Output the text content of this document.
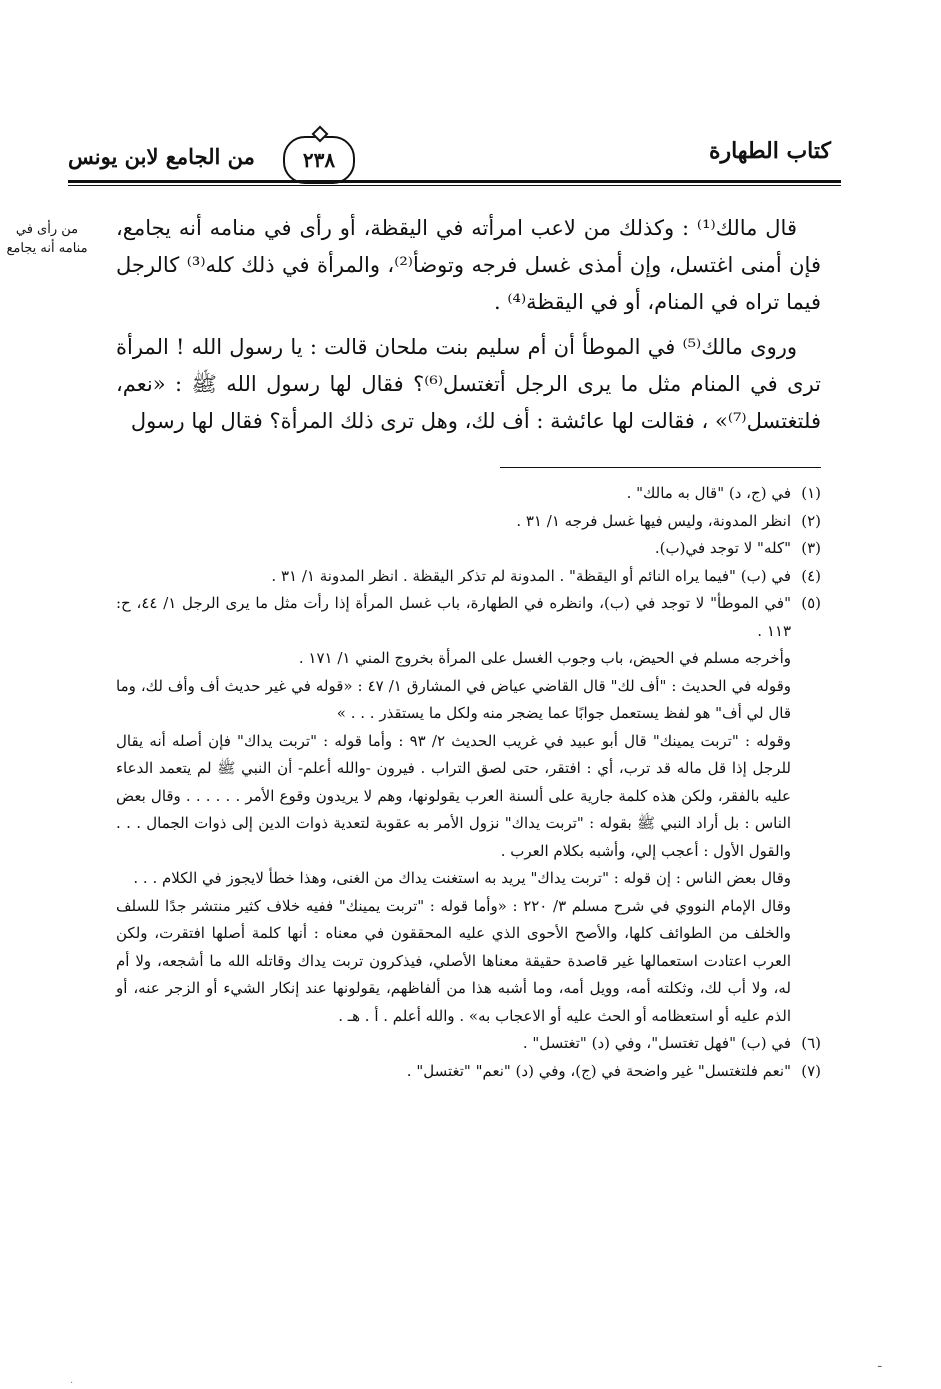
كتاب الطهارة
٢٣٨
من الجامع لابن يونس
من رأى في منامه أنه يجامع

قال مالك⁽¹⁾ : وكذلك من لاعب امرأته في اليقظة، أو رأى في منامه أنه يجامع، فإن أمنى اغتسل، وإن أمذى غسل فرجه وتوضأ⁽²⁾، والمرأة في ذلك كله⁽³⁾ كالرجل فيما تراه في المنام، أو في اليقظة⁽⁴⁾ .

وروى مالك⁽⁵⁾ في الموطأ أن أم سليم بنت ملحان قالت : يا رسول الله ! المرأة ترى في المنام مثل ما يرى الرجل أتغتسل⁽⁶⁾؟ فقال لها رسول الله ﷺ : «نعم، فلتغتسل⁽⁷⁾» ، فقالت لها عائشة : أف لك، وهل ترى ذلك المرأة؟ فقال لها رسول

(١)
في (ج، د) "قال به مالك" .
(٢)
انظر المدونة، وليس فيها غسل فرجه ١/ ٣١ .
(٣)
"كله" لا توجد في(ب).
(٤)
في (ب) "فيما يراه النائم أو اليقظة" . المدونة لم تذكر اليقظة . انظر المدونة ١/ ٣١ .
(٥)
"في الموطأ" لا توجد في (ب)، وانظره في الطهارة، باب غسل المرأة إذا رأت مثل ما يرى الرجل ١/ ٤٤، ح: ١١٣ .

وأخرجه مسلم في الحيض، باب وجوب الغسل على المرأة بخروج المني ١/ ١٧١ .

وقوله في الحديث : "أف لك" قال القاضي عياض في المشارق ١/ ٤٧ : «قوله في غير حديث أف وأف لك، وما قال لي أف" هو لفظ يستعمل جوابًا عما يضجر منه ولكل ما يستقذر . . . »

وقوله : "تربت يمينك" قال أبو عبيد في غريب الحديث ٢/ ٩٣ : وأما قوله : "تربت يداك" فإن أصله أنه يقال للرجل إذا قل ماله قد ترب، أي : افتقر، حتى لصق التراب . فيرون -والله أعلم- أن النبي ﷺ لم يتعمد الدعاء عليه بالفقر، ولكن هذه كلمة جارية على ألسنة العرب يقولونها، وهم لا يريدون وقوع الأمر . . . . . . وقال بعض الناس : بل أراد النبي ﷺ بقوله : "تربت يداك" نزول الأمر به عقوبة لتعدية ذوات الدين إلى ذوات الجمال . . . والقول الأول : أعجب إلي، وأشبه بكلام العرب .

وقال بعض الناس : إن قوله : "تربت يداك" يريد به استغنت يداك من الغنى، وهذا خطأ لايجوز في الكلام . . .

وقال الإمام النووي في شرح مسلم ٣/ ٢٢٠ : «وأما قوله : "تربت يمينك" ففيه خلاف كثير منتشر جدًا للسلف والخلف من الطوائف كلها، والأصح الأحوى الذي عليه المحققون في معناه : أنها كلمة أصلها افتقرت، ولكن العرب اعتادت استعمالها غير قاصدة حقيقة معناها الأصلي، فيذكرون تربت يداك وقاتله الله ما أشجعه، ولا أم له، ولا أب لك، وثكلته أمه، وويل أمه، وما أشبه هذا من ألفاظهم، يقولونها عند إنكار الشيء أو الزجر عنه، أو الذم عليه أو استعظامه أو الحث عليه أو الاعجاب به» . والله أعلم . أ . هـ .

(٦)
في (ب) "فهل تغتسل"، وفي (د) "تغتسل" .
(٧)
"نعم فلتغتسل" غير واضحة في (ج)، وفي (د) "نعم" "تغتسل" .
ـ
·
